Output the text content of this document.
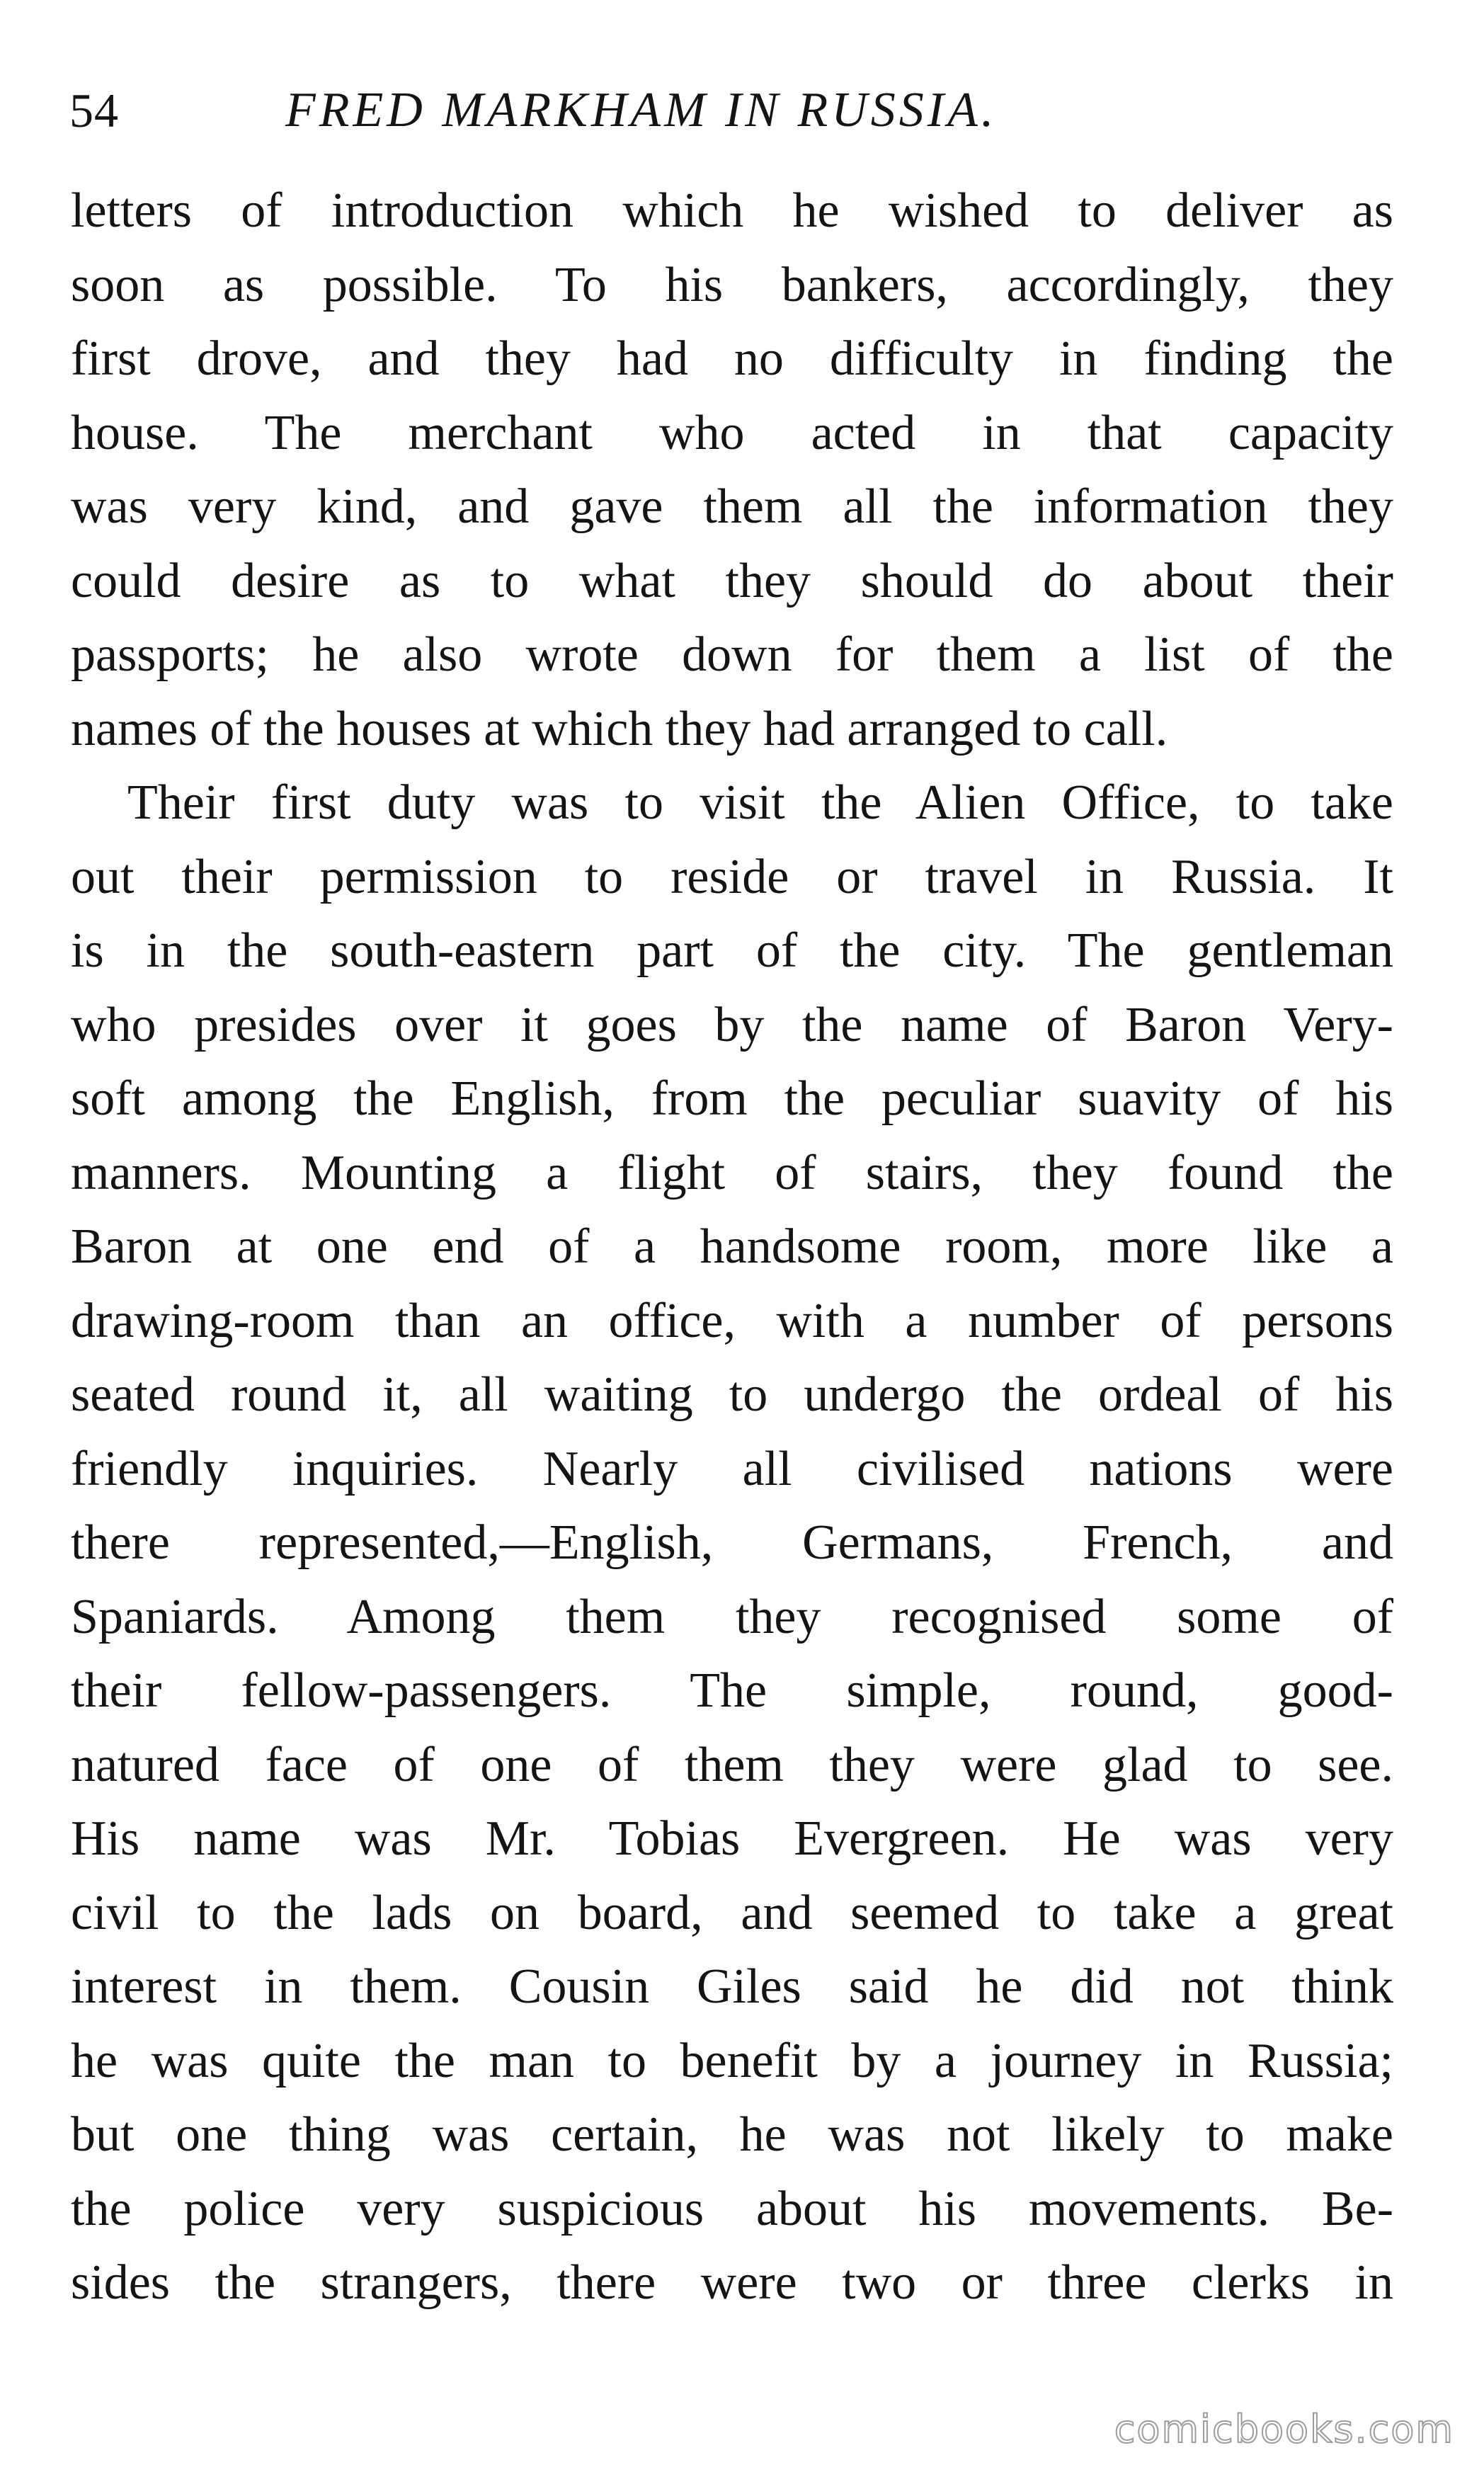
54	FRED MARKHAM IN RUSSIA.
letters of introduction which he wished to deliver as
soon as possible. To his bankers, accordingly, they
first drove, and they had no difficulty in finding the
house. The merchant who acted in that capacity
was very kind, and gave them all the information they
could desire as to what they should do about their
passports; he also wrote down for them a list of the
names of the houses at which they had arranged to call.
Their first duty was to visit the Alien Office, to take
out their permission to reside or travel in Russia. It
is in the south-eastern part of the city. The gentleman
who presides over it goes by the name of Baron Very-
soft among the English, from the peculiar suavity of his
manners. Mounting a flight of stairs, they found the
Baron at one end of a handsome room, more like a
drawing-room than an office, with a number of persons
seated round it, all waiting to undergo the ordeal of his
friendly inquiries. Nearly all civilised nations were
there represented,—English, Germans, French, and
Spaniards. Among them they recognised some of
their fellow-passengers. The simple, round, good-
natured face of one of them they were glad to see.
His name was Mr. Tobias Evergreen. He was very
civil to the lads on board, and seemed to take a great
interest in them. Cousin Giles said he did not think
he was quite the man to benefit by a journey in Russia;
but one thing was certain, he was not likely to make
the police very suspicious about his movements. Be-
sides the strangers, there were two or three clerks in
comicbooks.com
